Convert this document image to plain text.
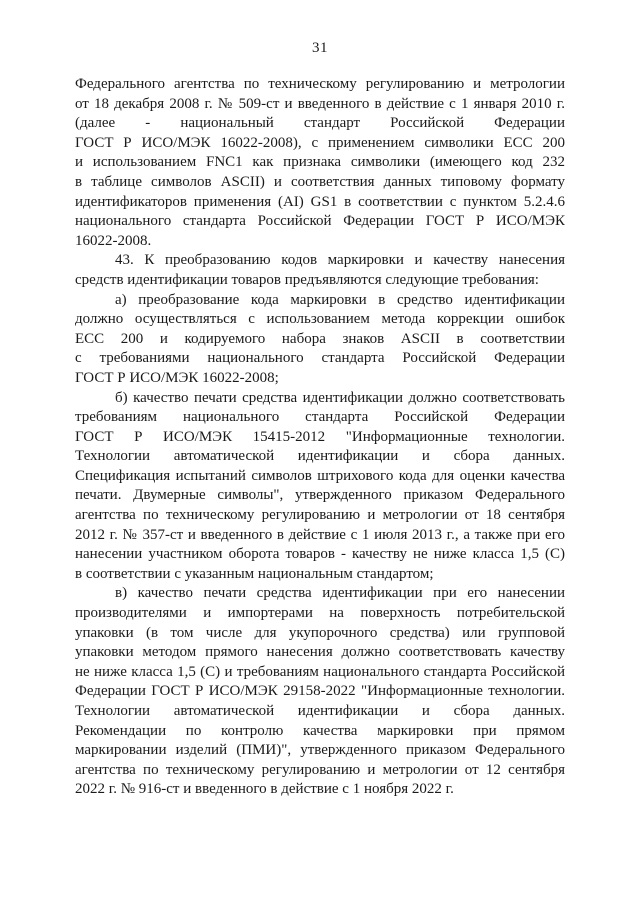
31
Федерального агентства по техническому регулированию и метрологии
от 18 декабря 2008 г. № 509-ст и введенного в действие с 1 января 2010 г.
(далее - национальный стандарт Российской Федерации
ГОСТ Р ИСО/МЭК 16022-2008), с применением символики ECC 200
и использованием FNC1 как признака символики (имеющего код 232
в таблице символов ASCII) и соответствия данных типовому формату
идентификаторов применения (AI) GS1 в соответствии с пунктом 5.2.4.6
национального стандарта Российской Федерации ГОСТ Р ИСО/МЭК
16022-2008.
43. К преобразованию кодов маркировки и качеству нанесения
средств идентификации товаров предъявляются следующие требования:
а) преобразование кода маркировки в средство идентификации
должно осуществляться с использованием метода коррекции ошибок
ECC 200 и кодируемого набора знаков ASCII в соответствии
с требованиями национального стандарта Российской Федерации
ГОСТ Р ИСО/МЭК 16022-2008;
б) качество печати средства идентификации должно соответствовать
требованиям национального стандарта Российской Федерации
ГОСТ Р ИСО/МЭК 15415-2012 "Информационные технологии.
Технологии автоматической идентификации и сбора данных.
Спецификация испытаний символов штрихового кода для оценки качества
печати. Двумерные символы", утвержденного приказом Федерального
агентства по техническому регулированию и метрологии от 18 сентября
2012 г. № 357-ст и введенного в действие с 1 июля 2013 г., а также при его
нанесении участником оборота товаров - качеству не ниже класса 1,5 (С)
в соответствии с указанным национальным стандартом;
в) качество печати средства идентификации при его нанесении
производителями и импортерами на поверхность потребительской
упаковки (в том числе для укупорочного средства) или групповой
упаковки методом прямого нанесения должно соответствовать качеству
не ниже класса 1,5 (С) и требованиям национального стандарта Российской
Федерации ГОСТ Р ИСО/МЭК 29158-2022 "Информационные технологии.
Технологии автоматической идентификации и сбора данных.
Рекомендации по контролю качества маркировки при прямом
маркировании изделий (ПМИ)", утвержденного приказом Федерального
агентства по техническому регулированию и метрологии от 12 сентября
2022 г. № 916-ст и введенного в действие с 1 ноября 2022 г.
